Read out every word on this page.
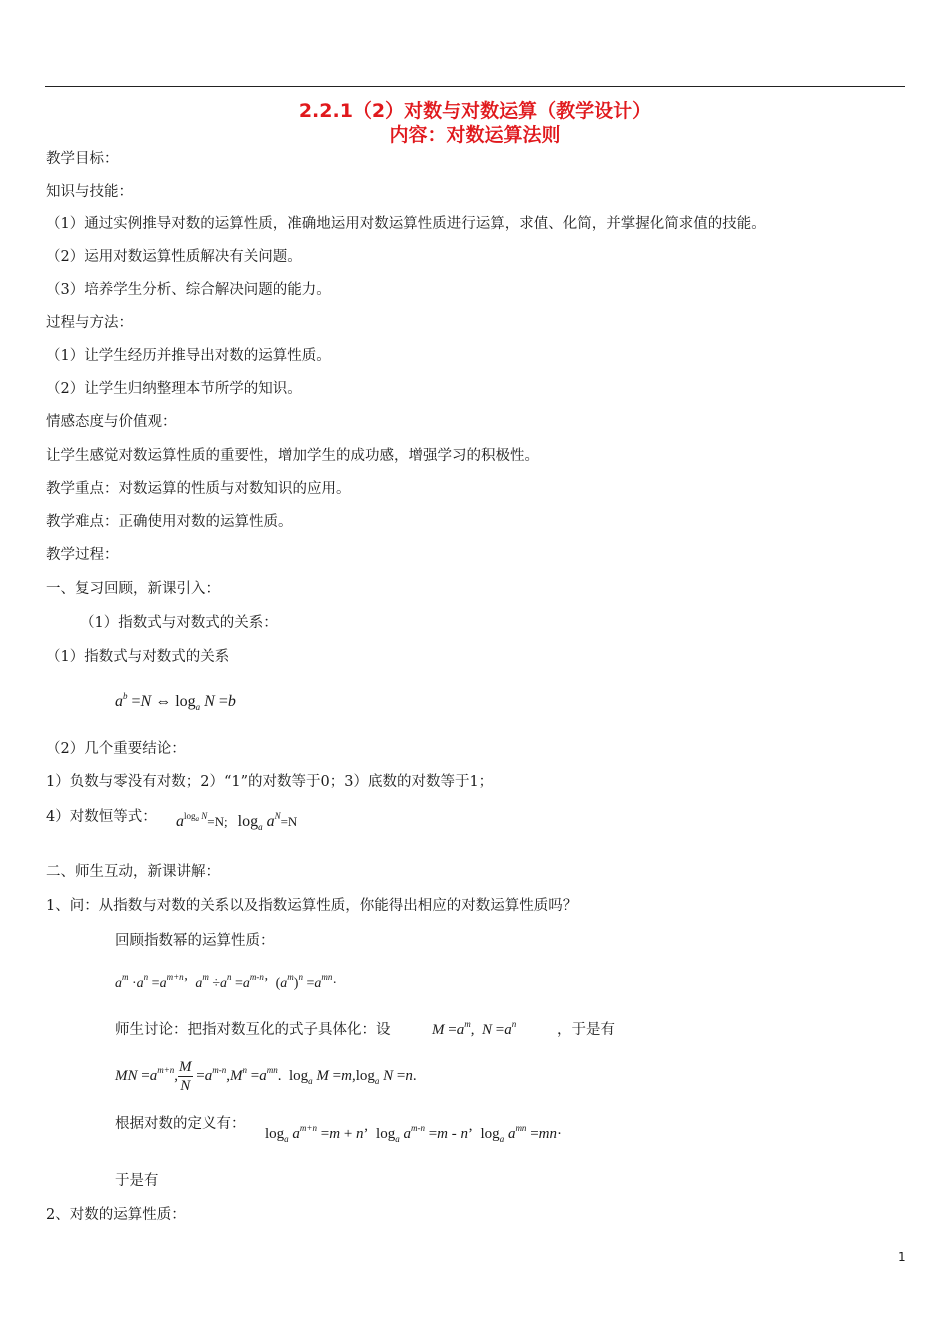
2.2.1（2）对数与对数运算（教学设计）
内容：对数运算法则
教学目标：
知识与技能：
（1）通过实例推导对数的运算性质，准确地运用对数运算性质进行运算，求值、化简，并掌握化简求值的技能。
（2）运用对数运算性质解决有关问题。
（3）培养学生分析、综合解决问题的能力。
过程与方法：
（1）让学生经历并推导出对数的运算性质。
（2）让学生归纳整理本节所学的知识。
情感态度与价值观：
让学生感觉对数运算性质的重要性，增加学生的成功感，增强学习的积极性。
教学重点：对数运算的性质与对数知识的应用。
教学难点：正确使用对数的运算性质。
教学过程：
一、复习回顾，新课引入：
（1）指数式与对数式的关系：
（1）指数式与对数式的关系
$a^b =N$ ⇔ $\log_a N =b$
（2）几个重要结论：
1）负数与零没有对数；2）“1”的对数等于0；3）底数的对数等于1；
4）对数恒等式： $a^{log_a N}=N$; $\log_a a^N=N$
二、师生互动，新课讲解：
1、问：从指数与对数的关系以及指数运算性质，你能得出相应的对数运算性质吗？
回顾指数幂的运算性质：
$a^m \cdot a^n =a^{m+n}$’  $a^m \div a^n =a^{m-n}$’ $(a^m)^n =a^{mn}\cdot$
师生讨论：把指对数互化的式子具体化：设	$M =a^m$,  $N =a^n$	，于是有
MN $=a^{m+n}$, $\frac{M}{N} =a^{m-n},M^n =a^{mn}$. $\log_a M =m,\log_a$ N =n.
根据对数的定义有：
$\log_a a^{m+n} =m + n$’ $\log_a a^{m-n} =m - n$’ $\log_a a^{mn} =mn\cdot$
于是有
2、对数的运算性质：
1
